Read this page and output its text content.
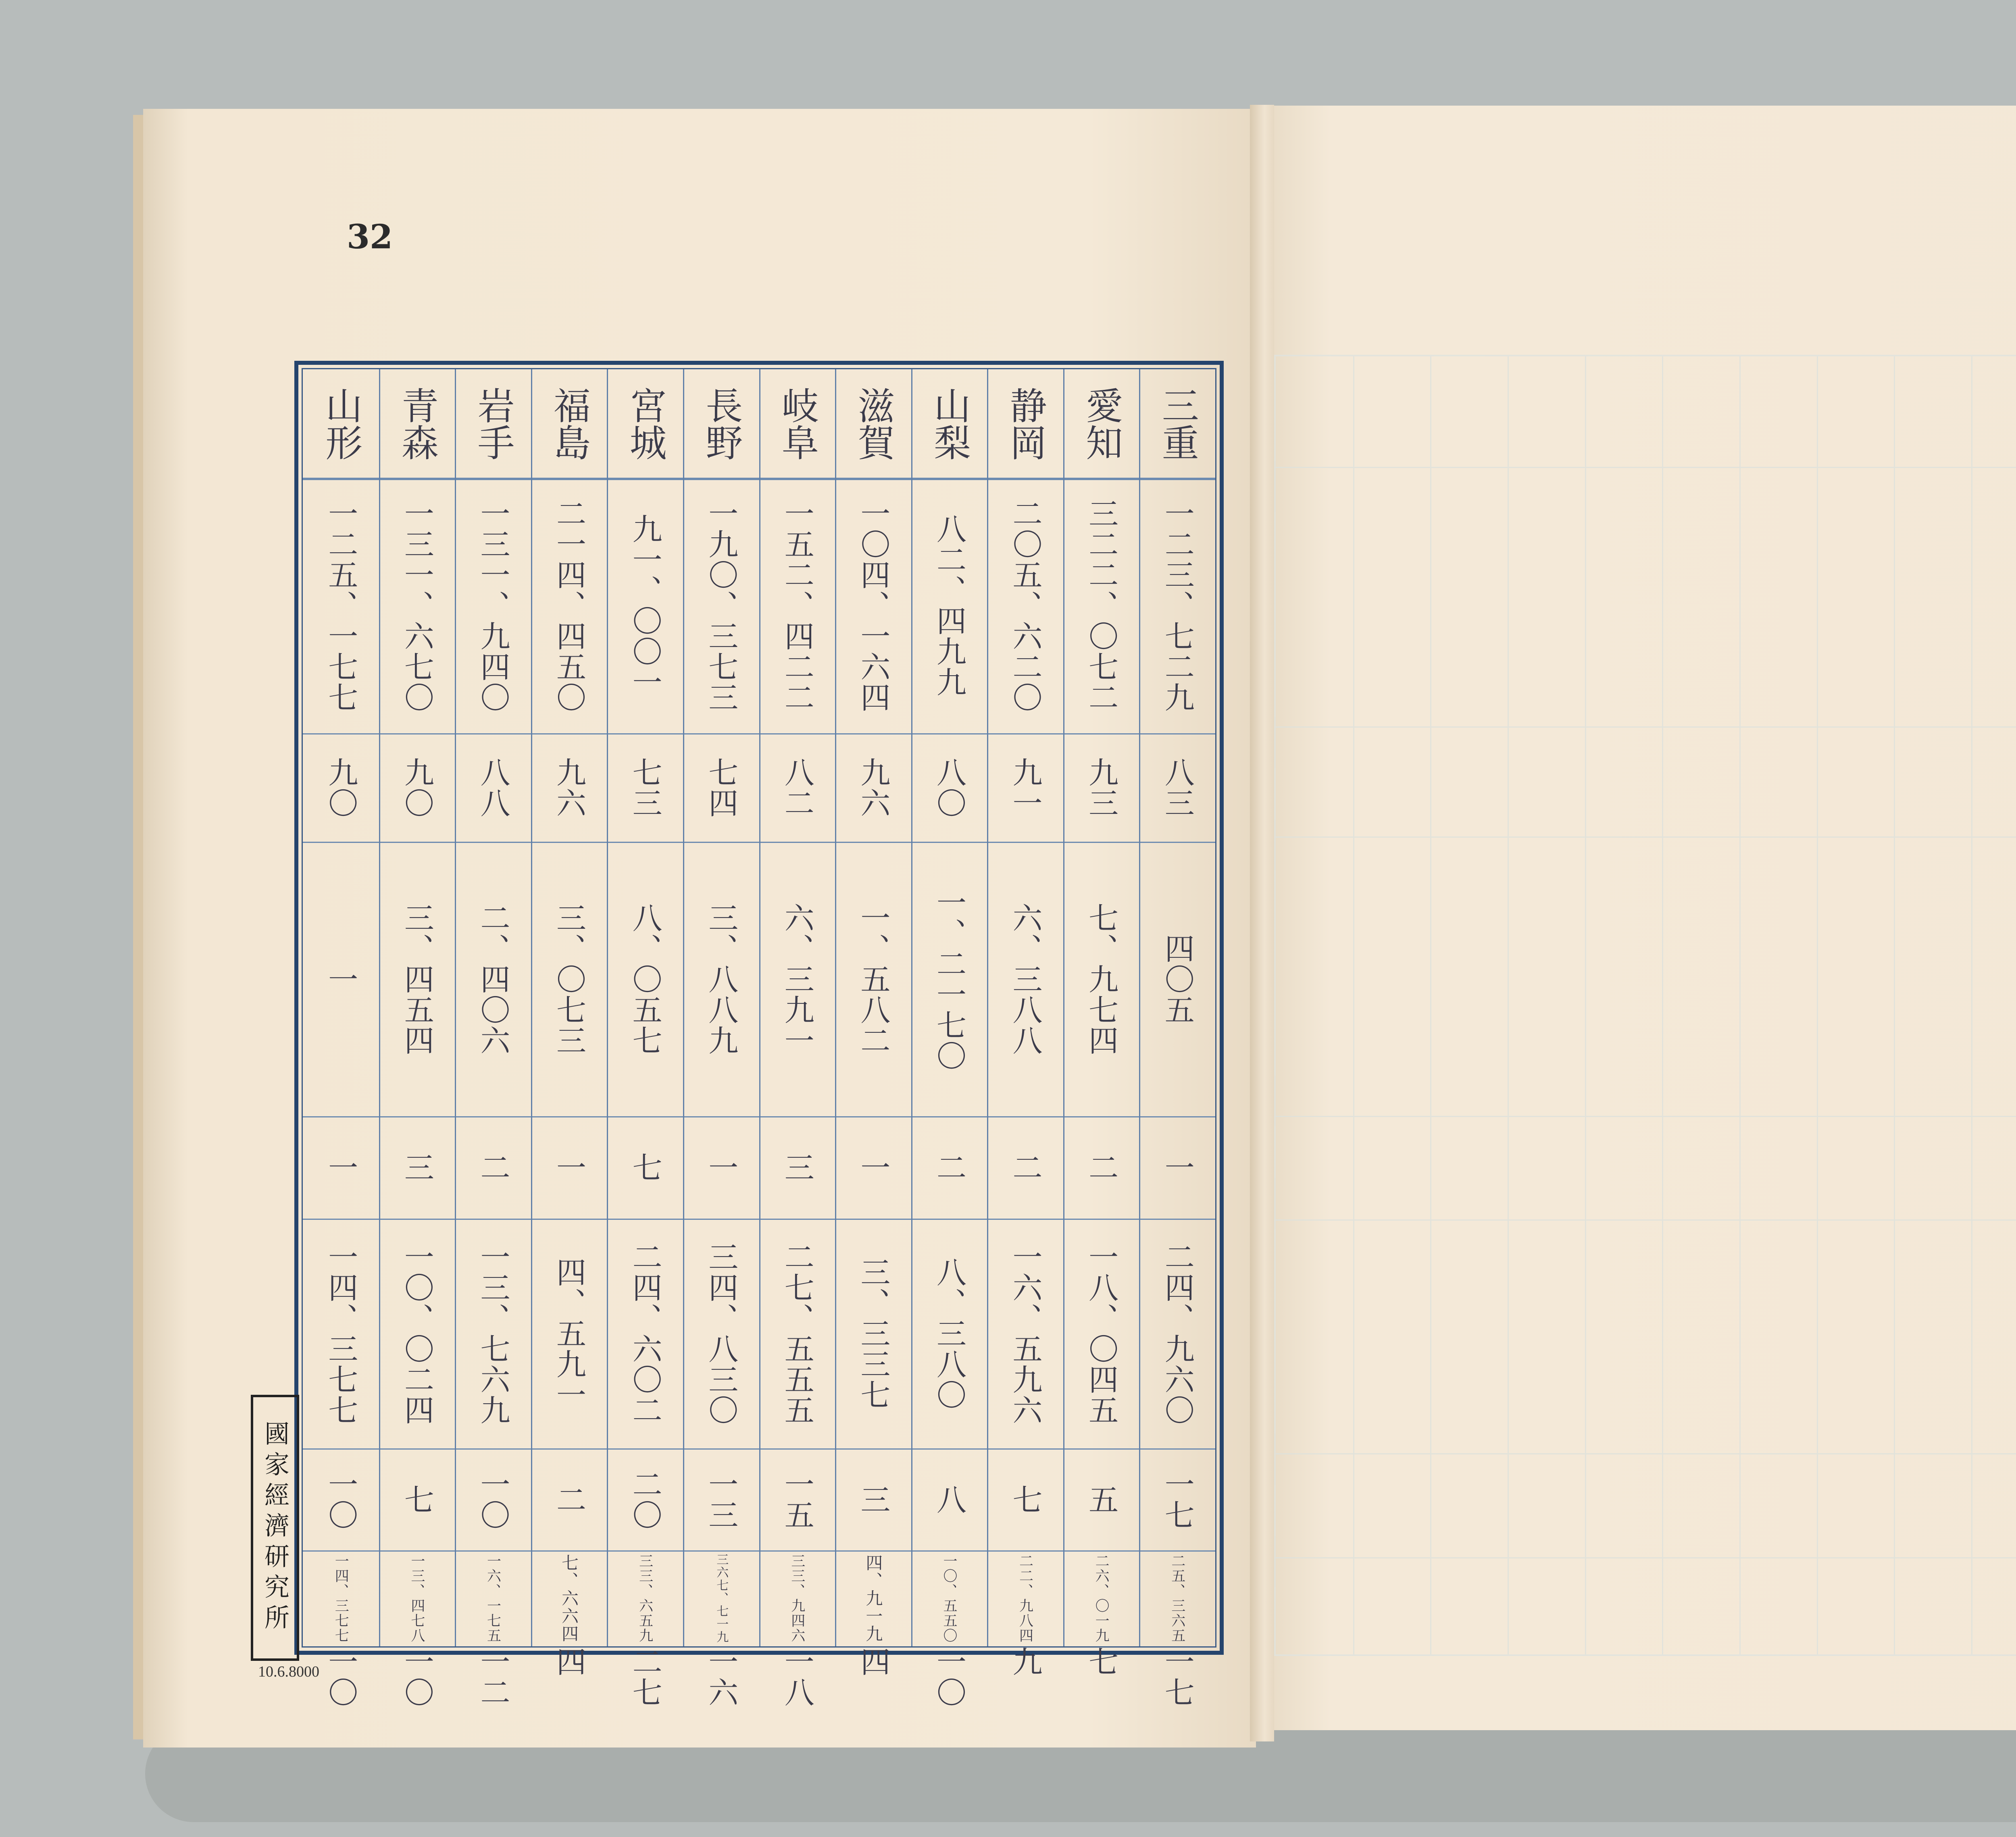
32
10.6.8000
三重
一二三、七二九
八三
四〇五
一
二四、九六〇
一七
二五、三六五
一七
愛知
三二二、〇七二
九三
七、九七四
二
一八、〇四五
五
二六、〇一九
七
静岡
二〇五、六二〇
九一
六、三八八
二
一六、五九六
七
二二、九八四
九
山梨
八二、四九九
八〇
一、二一七〇
二
八、三八〇
八
一〇、五五〇
一〇
滋賀
一〇四、一六四
九六
一、五八二
一
三、三三七
三
四、九一九
四
岐阜
一五二、四二二
八二
六、三九一
三
二七、五五五
一五
三三、九四六
一八
長野
一九〇、三七三
七四
三、八八九
一
三四、八三〇
一三
三六七、七一九
一六
宮城
九一、〇〇一
七三
八、〇五七
七
二四、六〇二
二〇
三三、六五九
二七
福島
二一四、四五〇
九六
三、〇七三
一
四、五九一
二
七、六六四
四
岩手
一三一、九四〇
八八
二、四〇六
二
一三、七六九
一〇
一六、一七五
一二
青森
一三一、六七〇
九〇
三、四五四
三
一〇、〇二四
七
一三、四七八
一〇
山形
一二五、一七七
九〇
一
一
一四、三七七
一〇
一四、三七七
一〇
國家經濟研究所
